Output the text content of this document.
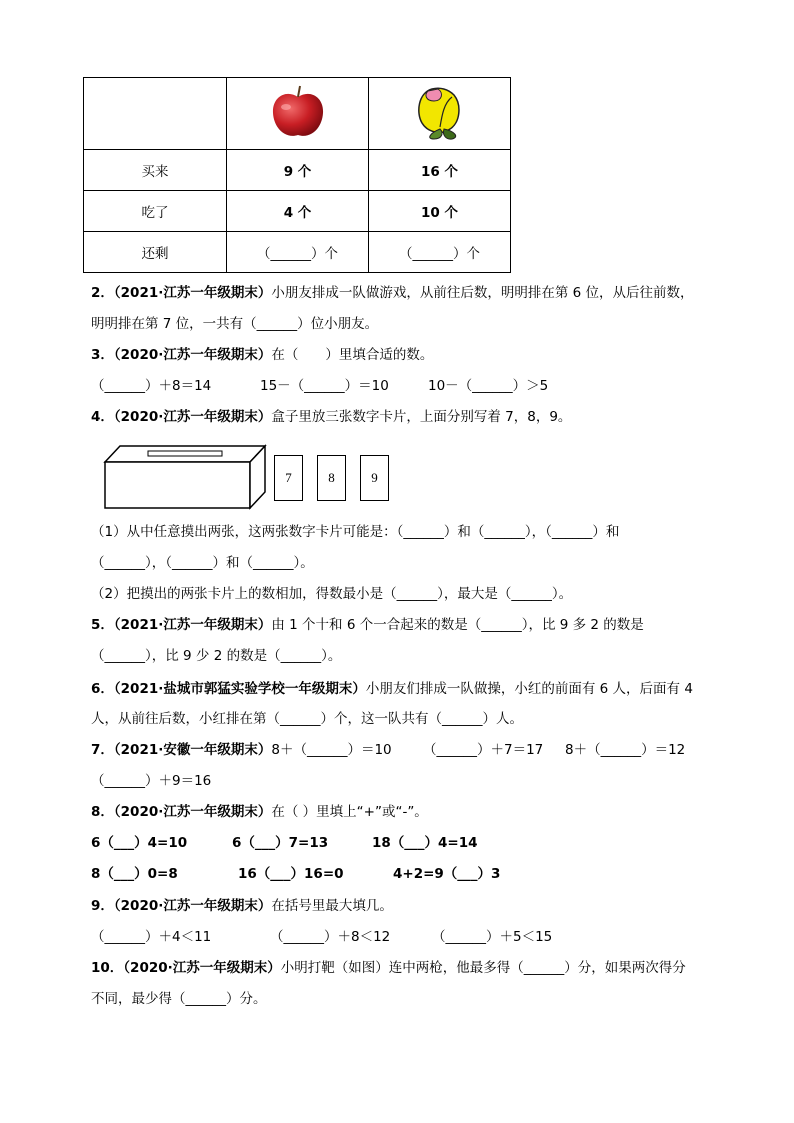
买来	9 个	16 个
吃了	4 个	10 个
还剩	（______）个	（______）个
2．（2021·江苏一年级期末）小朋友排成一队做游戏，从前往后数，明明排在第 6 位，从后往前数，
明明排在第 7 位，一共有（______）位小朋友。
3．（2020·江苏一年级期末）在（　　）里填合适的数。
（______）＋8＝14	15－（______）＝10	10－（______）＞5
4．（2020·江苏一年级期末）盒子里放三张数字卡片，上面分别写着 7，8，9。
7	8	9
（1）从中任意摸出两张，这两张数字卡片可能是：（______）和（______），（______）和
（______），（______）和（______）。
（2）把摸出的两张卡片上的数相加，得数最小是（______），最大是（______）。
5．（2021·江苏一年级期末）由 1 个十和 6 个一合起来的数是（______），比 9 多 2 的数是
（______），比 9 少 2 的数是（______）。
6．（2021·盐城市郭猛实验学校一年级期末）小朋友们排成一队做操，小红的前面有 6 人，后面有 4
人，从前往后数，小红排在第（______）个，这一队共有（______）人。
7．（2021·安徽一年级期末）8＋（______）＝10 （______）＋7＝17 8＋（______）＝12
（______）＋9＝16
8．（2020·江苏一年级期末）在（ ）里填上“+”或“-”。
6（___）4=10	6（___）7=13	18（___）4=14
8（___）0=8	16（___）16=0	4+2=9（___）3
9．（2020·江苏一年级期末）在括号里最大填几。
（______）＋4＜11	（______）＋8＜12	（______）＋5＜15
10．（2020·江苏一年级期末）小明打靶（如图）连中两枪，他最多得（______）分，如果两次得分
不同，最少得（______）分。
